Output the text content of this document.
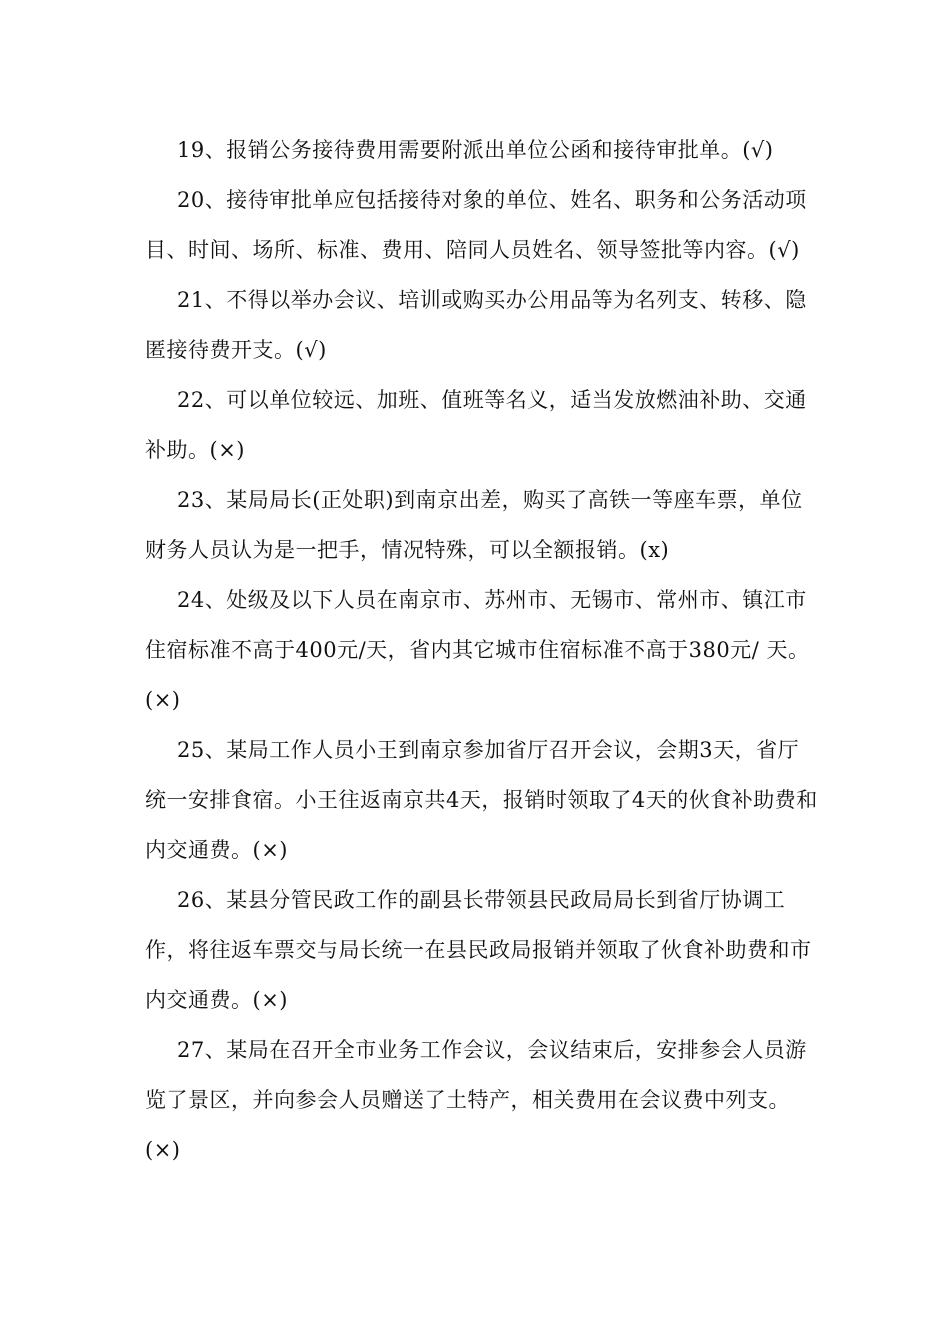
19、报销公务接待费用需要附派出单位公函和接待审批单。(√)

20、接待审批单应包括接待对象的单位、姓名、职务和公务活动项目、时间、场所、标准、费用、陪同人员姓名、领导签批等内容。(√)

21、不得以举办会议、培训或购买办公用品等为名列支、转移、隐匿接待费开支。(√)

22、可以单位较远、加班、值班等名义，适当发放燃油补助、交通补助。(×)

23、某局局长(正处职)到南京出差，购买了高铁一等座车票，单位财务人员认为是一把手，情况特殊，可以全额报销。(x)

24、处级及以下人员在南京市、苏州市、无锡市、常州市、镇江市住宿标准不高于400元/天，省内其它城市住宿标准不高于380元/ 天。(×)

25、某局工作人员小王到南京参加省厅召开会议，会期3天，省厅统一安排食宿。小王往返南京共4天，报销时领取了4天的伙食补助费和内交通费。(×)

26、某县分管民政工作的副县长带领县民政局局长到省厅协调工作，将往返车票交与局长统一在县民政局报销并领取了伙食补助费和市内交通费。(×)

27、某局在召开全市业务工作会议，会议结束后，安排参会人员游览了景区，并向参会人员赠送了土特产，相关费用在会议费中列支。 (×)
